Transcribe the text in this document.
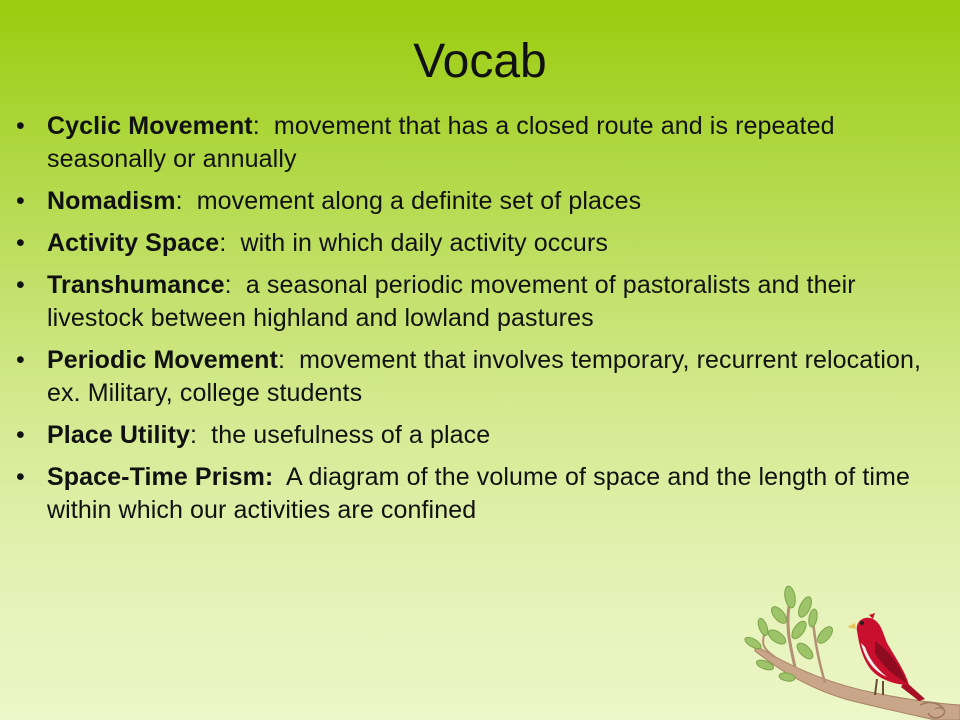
Vocab
• Cyclic Movement:  movement that has a closed route and is repeated seasonally or annually
• Nomadism:  movement along a definite set of places
• Activity Space:  with in which daily activity occurs
• Transhumance:  a seasonal periodic movement of pastoralists and their livestock between highland and lowland pastures
• Periodic Movement:  movement that involves temporary, recurrent relocation, ex. Military, college students
• Place Utility:  the usefulness of a place
• Space-Time Prism:  A diagram of the volume of space and the length of time within which our activities are confined
